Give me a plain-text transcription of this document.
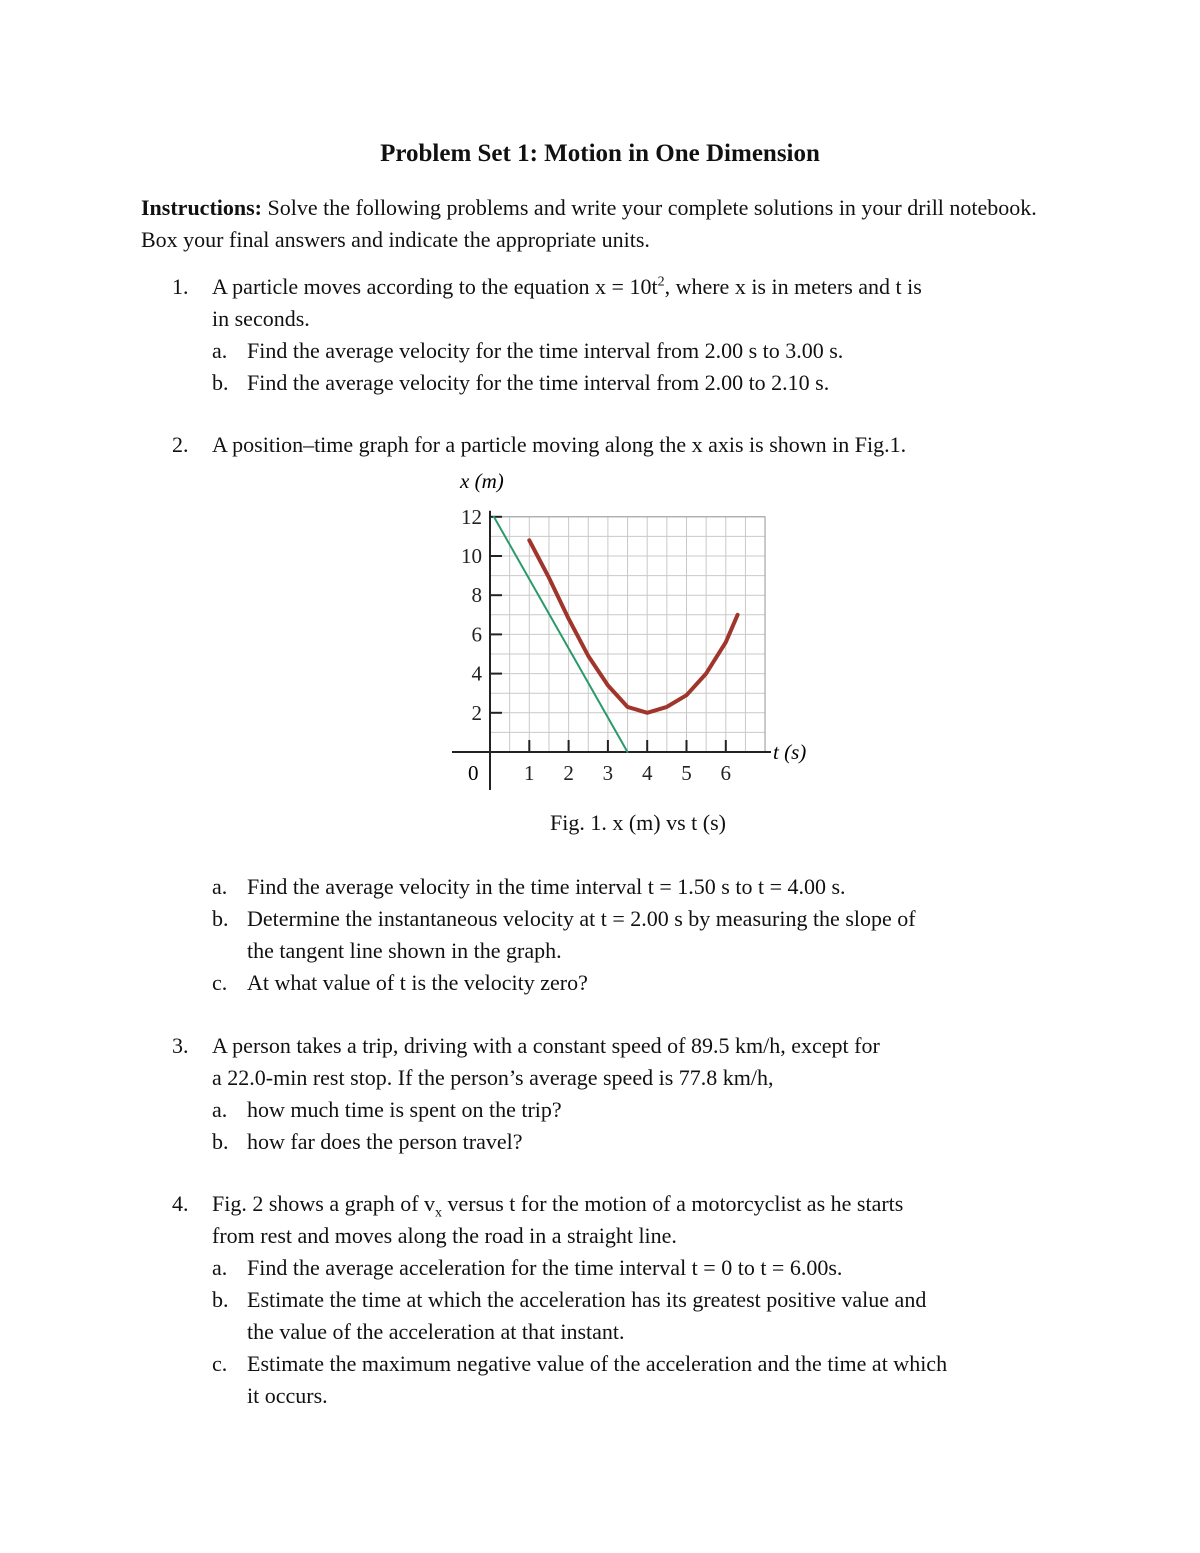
Problem Set 1: Motion in One Dimension
Instructions: Solve the following problems and write your complete solutions in your drill notebook. Box your final answers and indicate the appropriate units.
1. A particle moves according to the equation $x = 10t^2$, where x is in meters and t is
in seconds.
a. Find the average velocity for the time interval from 2.00 s to 3.00 s.
b. Find the average velocity for the time interval from 2.00 to 2.10 s.
2. A position–time graph for a particle moving along the x axis is shown in Fig.1.
2
4
6
8
10
12
1 2 3 4 5 6
x (m)
t (s)
0
Fig. 1. x (m) vs t (s)
a. Find the average velocity in the time interval t = 1.50 s to t = 4.00 s.
b. Determine the instantaneous velocity at t = 2.00 s by measuring the slope of
the tangent line shown in the graph.
c. At what value of t is the velocity zero?
3. A person takes a trip, driving with a constant speed of 89.5 km/h, except for
a 22.0-min rest stop. If the person’s average speed is 77.8 km/h,
a. how much time is spent on the trip?
b. how far does the person travel?
4. Fig. 2 shows a graph of $v_x$ versus t for the motion of a motorcyclist as he starts
from rest and moves along the road in a straight line.
a. Find the average acceleration for the time interval t = 0 to t = 6.00s.
b. Estimate the time at which the acceleration has its greatest positive value and
the value of the acceleration at that instant.
c. Estimate the maximum negative value of the acceleration and the time at which
it occurs.
